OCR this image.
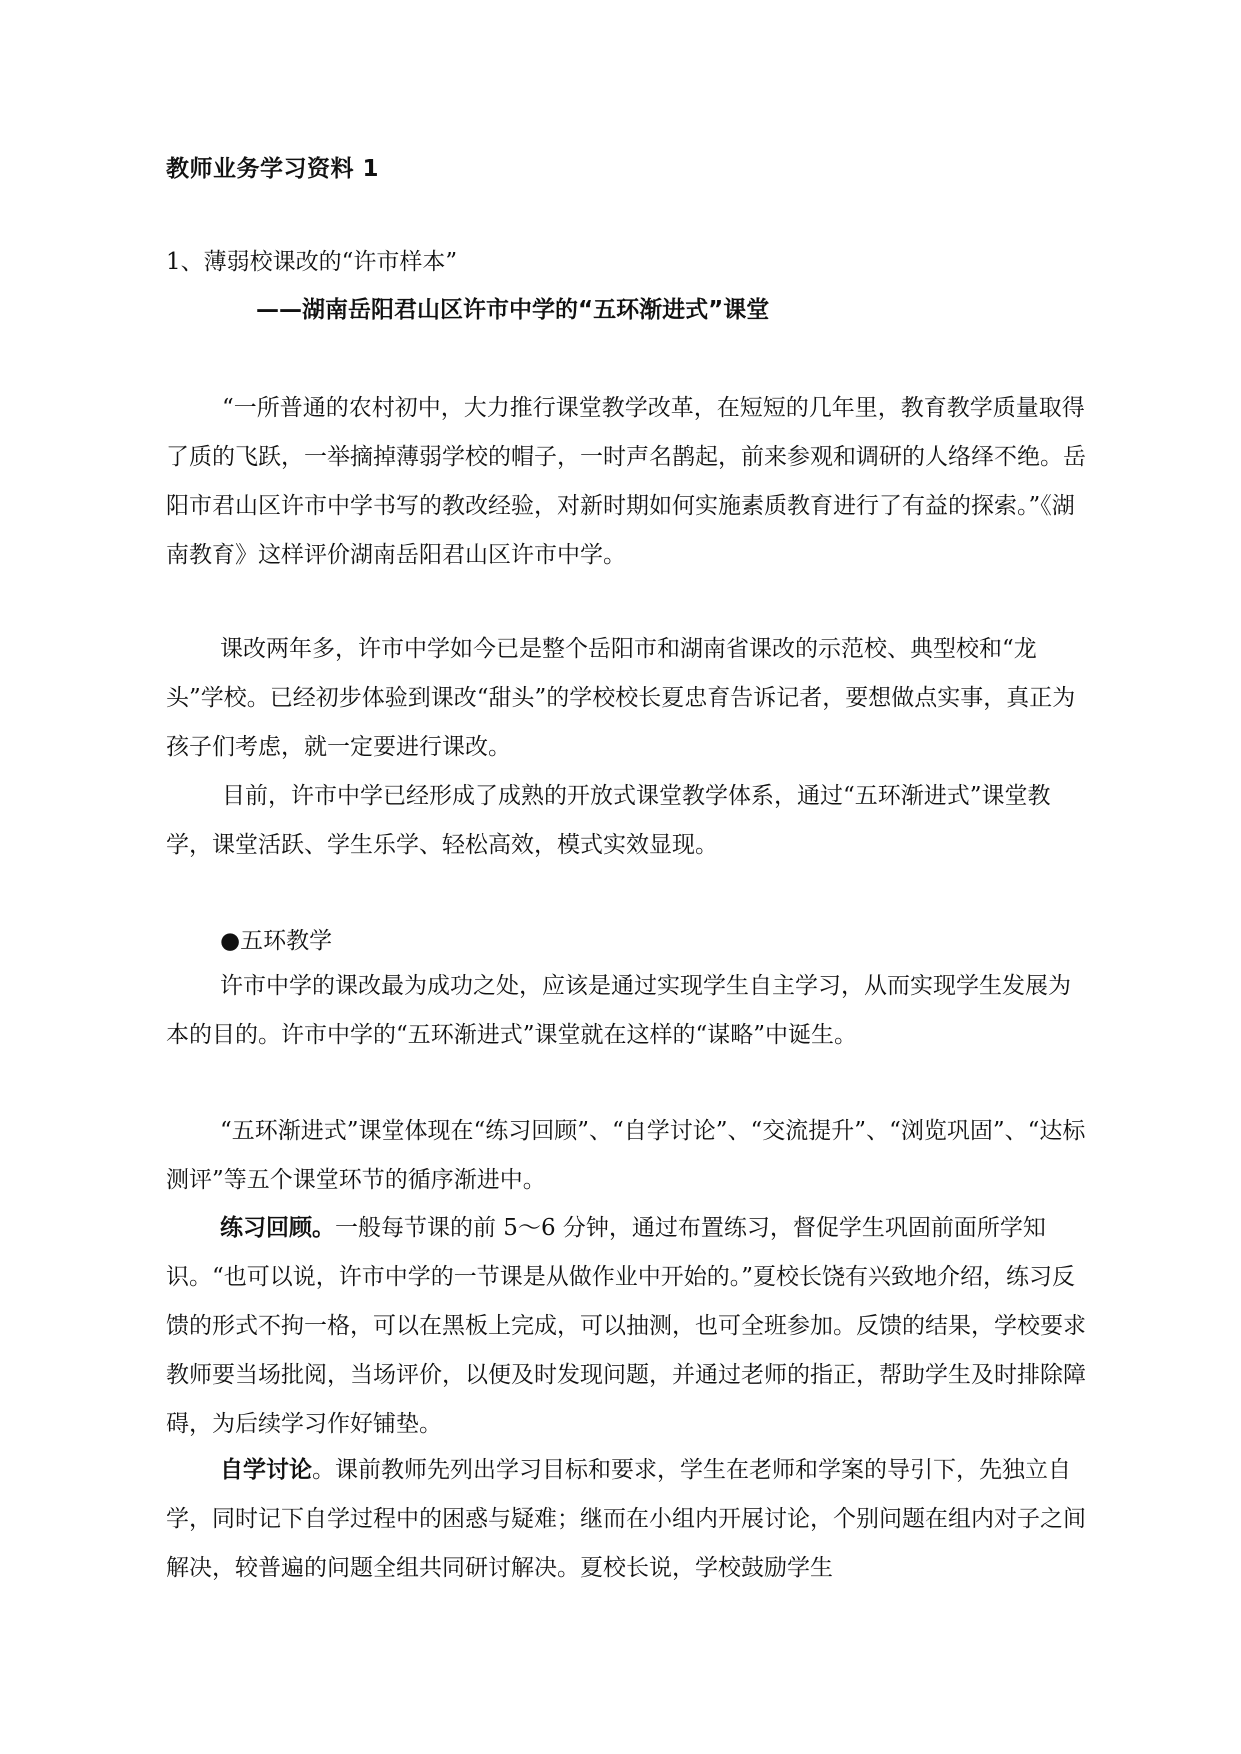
教师业务学习资料 1
1、薄弱校课改的“许市样本”
——湖南岳阳君山区许市中学的“五环渐进式”课堂

“一所普通的农村初中，大力推行课堂教学改革，在短短的几年里，教育教学质量取得了质的飞跃，一举摘掉薄弱学校的帽子，一时声名鹊起，前来参观和调研的人络绎不绝。岳阳市君山区许市中学书写的教改经验，对新时期如何实施素质教育进行了有益的探索。”《湖南教育》这样评价湖南岳阳君山区许市中学。

课改两年多，许市中学如今已是整个岳阳市和湖南省课改的示范校、典型校和“龙头”学校。已经初步体验到课改“甜头”的学校校长夏忠育告诉记者，要想做点实事，真正为孩子们考虑，就一定要进行课改。

目前，许市中学已经形成了成熟的开放式课堂教学体系，通过“五环渐进式”课堂教学，课堂活跃、学生乐学、轻松高效，模式实效显现。

●五环教学

许市中学的课改最为成功之处，应该是通过实现学生自主学习，从而实现学生发展为本的目的。许市中学的“五环渐进式”课堂就在这样的“谋略”中诞生。

“五环渐进式”课堂体现在“练习回顾”、“自学讨论”、“交流提升”、“浏览巩固”、“达标测评”等五个课堂环节的循序渐进中。

练习回顾。一般每节课的前 5～6 分钟，通过布置练习，督促学生巩固前面所学知识。“也可以说，许市中学的一节课是从做作业中开始的。”夏校长饶有兴致地介绍，练习反馈的形式不拘一格，可以在黑板上完成，可以抽测，也可全班参加。反馈的结果，学校要求教师要当场批阅，当场评价，以便及时发现问题，并通过老师的指正，帮助学生及时排除障碍，为后续学习作好铺垫。

自学讨论。课前教师先列出学习目标和要求，学生在老师和学案的导引下，先独立自学，同时记下自学过程中的困惑与疑难；继而在小组内开展讨论，个别问题在组内对子之间解决，较普遍的问题全组共同研讨解决。夏校长说，学校鼓励学生
